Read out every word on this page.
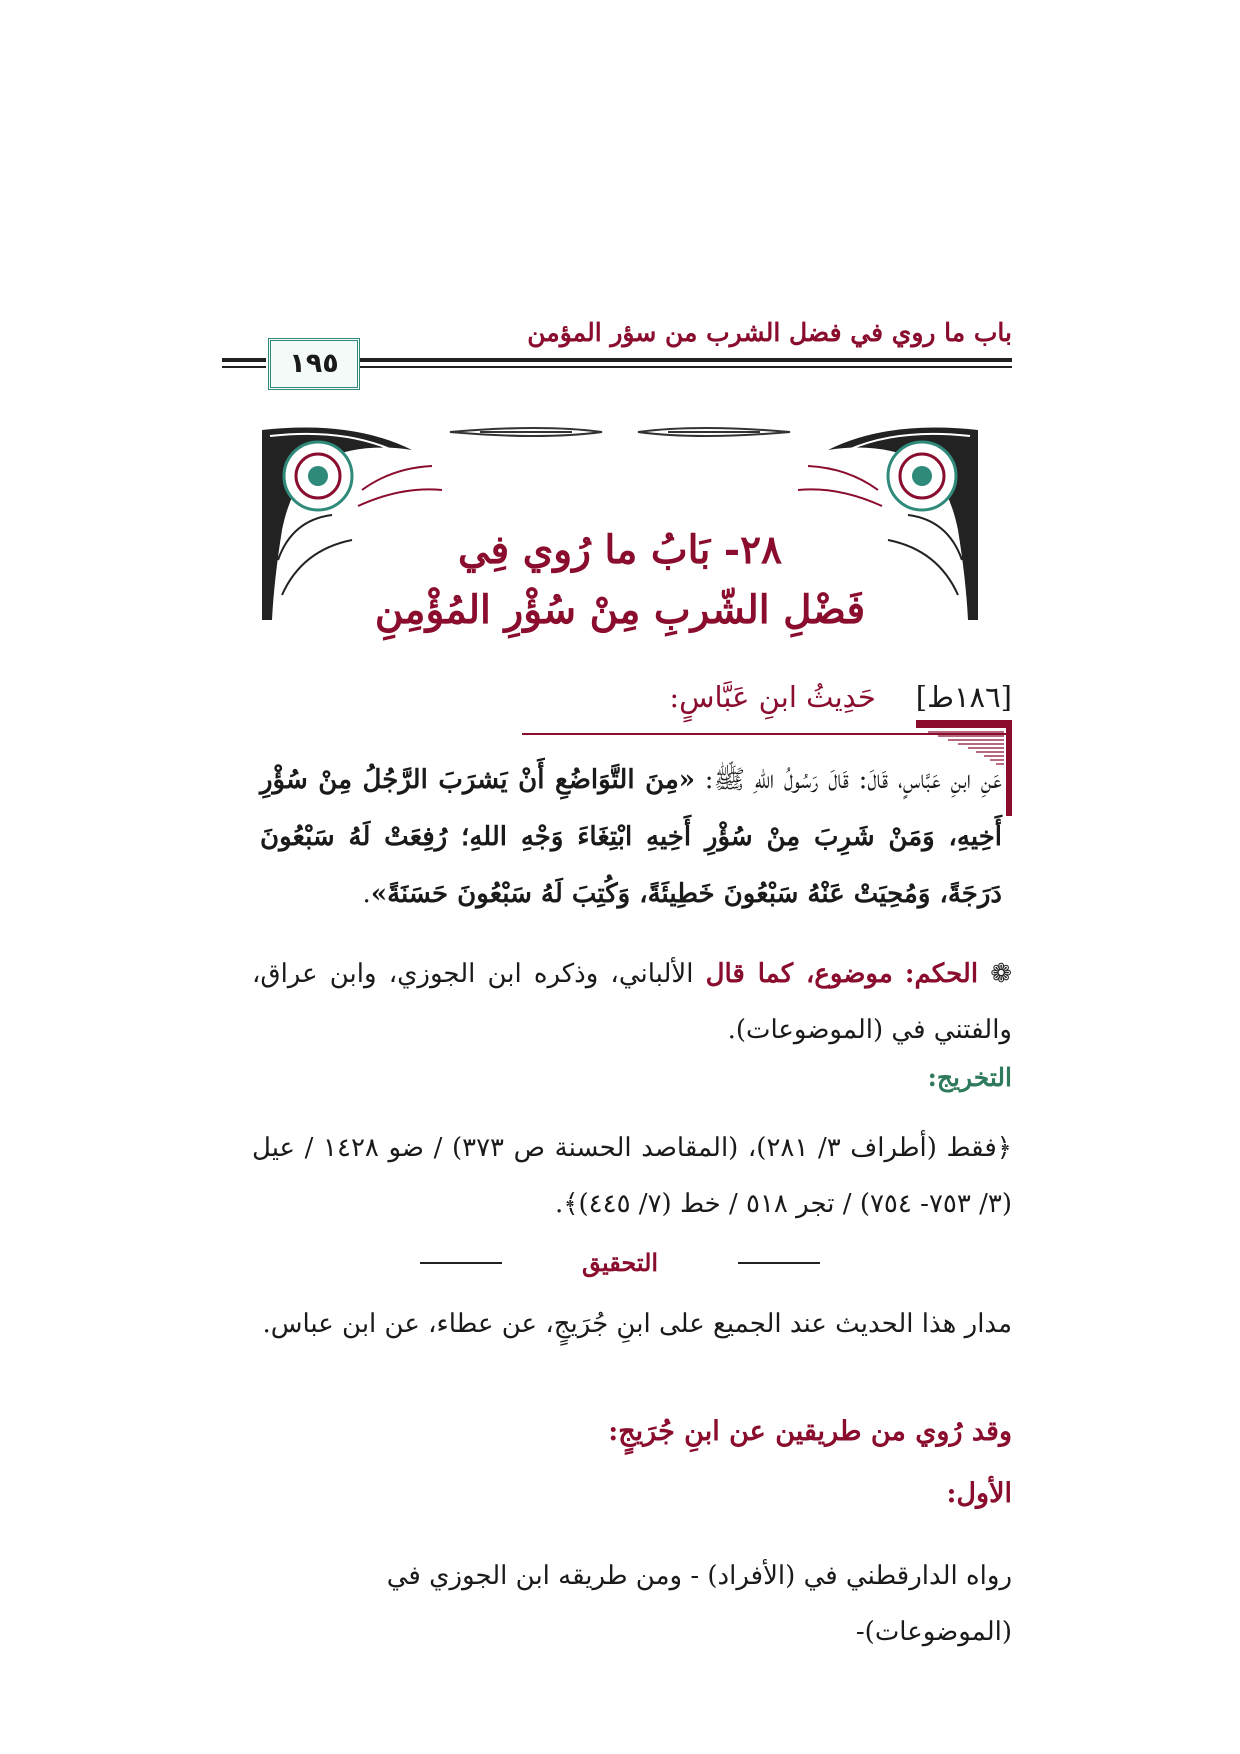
باب ما روي في فضل الشرب من سؤر المؤمن
١٩٥
٢٨- بَابُ ما رُوي فِي
فَضْلِ الشّربِ مِنْ سُؤْرِ المُؤْمِنِ
[١٨٦ط]حَدِيثُ ابنِ عَبَّاسٍ:
عَنِ ابنِ عَبَّاسٍ، قَالَ: قَالَ رَسُولُ اللهِ ﷺ: «مِنَ التَّوَاضُعِ أَنْ يَشرَبَ الرَّجُلُ مِنْ سُؤْرِ أَخِيهِ، وَمَنْ شَرِبَ مِنْ سُؤْرِ أَخِيهِ ابْتِغَاءَ وَجْهِ اللهِ؛ رُفِعَتْ لَهُ سَبْعُونَ دَرَجَةً، وَمُحِيَتْ عَنْهُ سَبْعُونَ خَطِيئَةً، وَكُتِبَ لَهُ سَبْعُونَ حَسَنَةً».
❁ الحكم: موضوع، كما قال الألباني، وذكره ابن الجوزي، وابن عراق، والفتني في (الموضوعات).
التخريج:
﴿فقط (أطراف ٣/ ٢٨١)، (المقاصد الحسنة ص ٣٧٣) / ضو ١٤٢٨ / عيل (٣/ ٧٥٣- ٧٥٤) / تجر ٥١٨ / خط (٧/ ٤٤٥)﴾.
التحقيق
مدار هذا الحديث عند الجميع على ابنِ جُرَيجٍ، عن عطاء، عن ابن عباس.
وقد رُوي من طريقين عن ابنِ جُرَيجٍ:
الأول:
رواه الدارقطني في (الأفراد) - ومن طريقه ابن الجوزي في (الموضوعات)-
